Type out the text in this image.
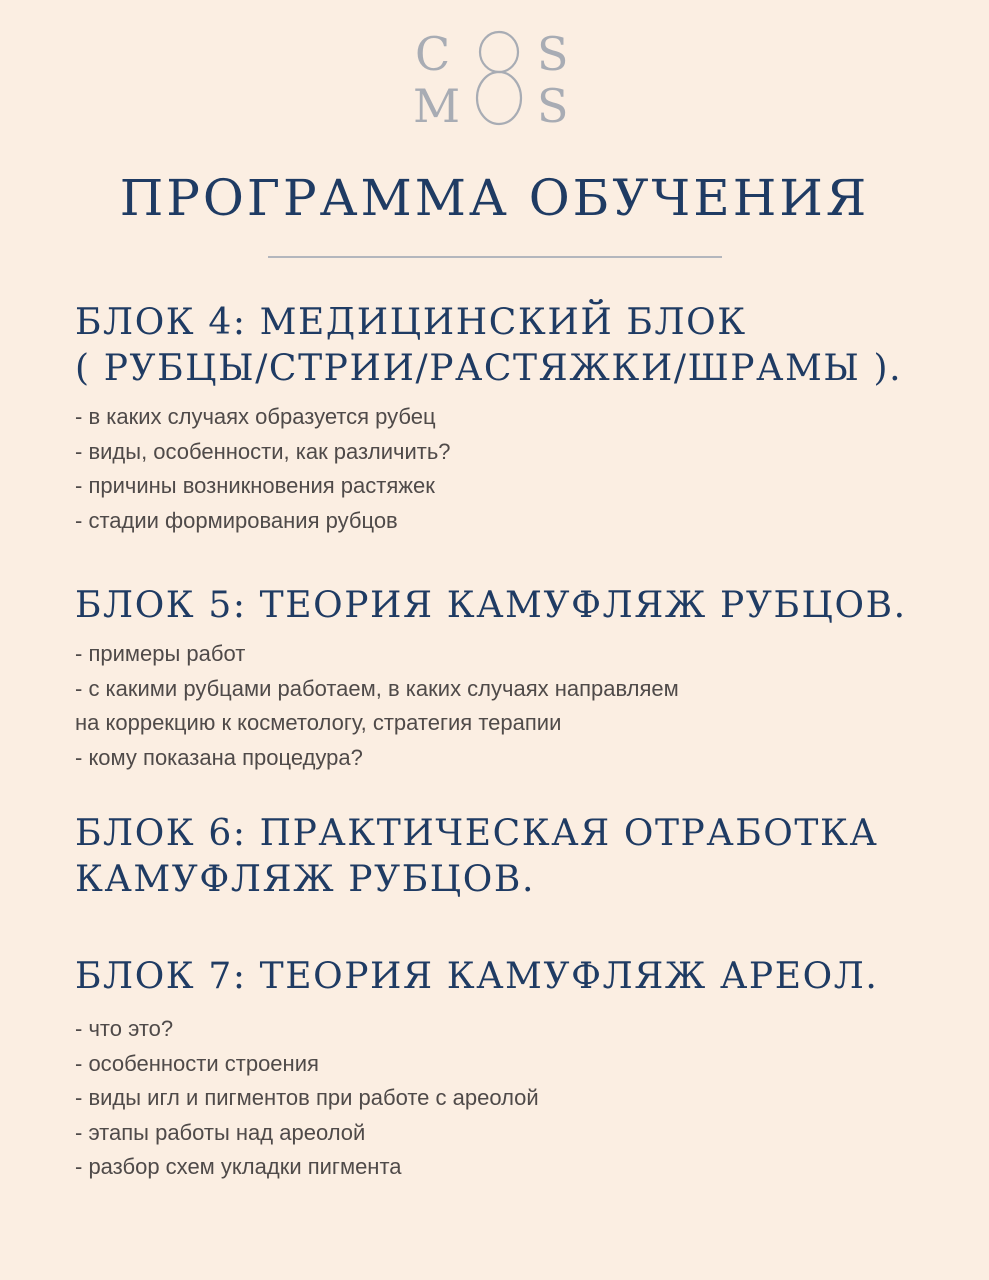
C S
M S
ПРОГРАММА ОБУЧЕНИЯ
БЛОК 4: МЕДИЦИНСКИЙ БЛОК
( РУБЦЫ/СТРИИ/РАСТЯЖКИ/ШРАМЫ ).
- в каких случаях образуется рубец
- виды, особенности, как различить?
- причины возникновения растяжек
- стадии формирования рубцов
БЛОК 5: ТЕОРИЯ КАМУФЛЯЖ РУБЦОВ.
- примеры работ
- с какими рубцами работаем, в каких случаях направляем
на коррекцию к косметологу, стратегия терапии
- кому показана процедура?
БЛОК 6: ПРАКТИЧЕСКАЯ ОТРАБОТКА
КАМУФЛЯЖ РУБЦОВ.
БЛОК 7: ТЕОРИЯ КАМУФЛЯЖ АРЕОЛ.
- что это?
- особенности строения
- виды игл и пигментов при работе с ареолой
- этапы работы над ареолой
- разбор схем укладки пигмента
